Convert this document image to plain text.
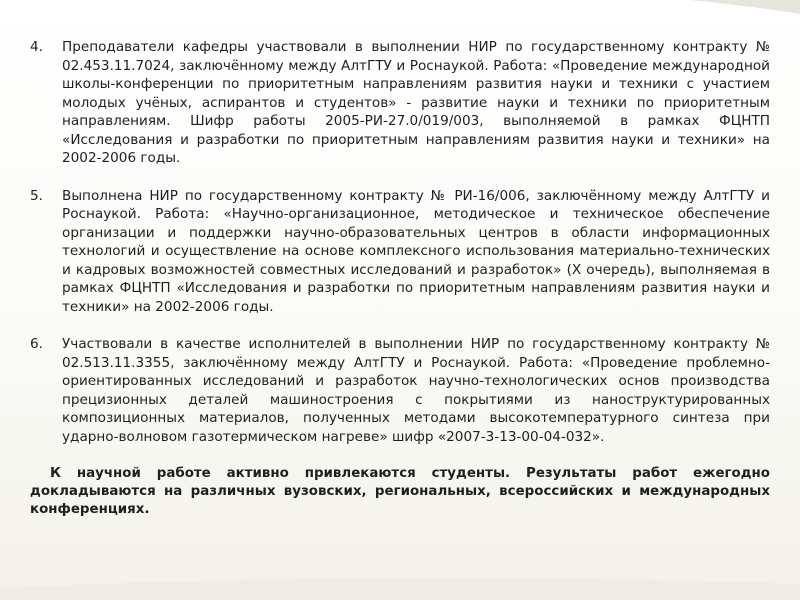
4.	Преподаватели кафедры участвовали в выполнении НИР по государственному контракту № 02.453.11.7024, заключённому между АлтГТУ и Роснаукой. Работа: «Проведение международной школы-конференции по приоритетным направлениям развития науки и техники с участием молодых учёных, аспирантов и студентов» - развитие науки и техники по приоритетным направлениям. Шифр работы 2005-РИ-27.0/019/003, выполняемой в рамках ФЦНТП «Исследования и разработки по приоритетным направлениям развития науки и техники» на 2002-2006 годы.
5.	Выполнена НИР по государственному контракту № РИ-16/006, заключённому между АлтГТУ и Роснаукой. Работа: «Научно-организационное, методическое и техническое обеспечение организации и поддержки научно-образовательных центров в области информационных технологий и осуществление на основе комплексного использования материально-технических и кадровых возможностей совместных исследований и разработок» (Х очередь), выполняемая в рамках ФЦНТП «Исследования и разработки по приоритетным направлениям развития науки и техники» на 2002-2006 годы.
6.	Участвовали в качестве исполнителей в выполнении НИР по государственному контракту № 02.513.11.3355, заключённому между АлтГТУ и Роснаукой. Работа: «Проведение проблемно-ориентированных исследований и разработок научно-технологических основ производства прецизионных деталей машиностроения с покрытиями из наноструктурированных композиционных материалов, полученных методами высокотемпературного синтеза при ударно-волновом газотермическом нагреве» шифр «2007-3-13-00-04-032».

К научной работе активно привлекаются студенты. Результаты работ ежегодно докладываются на различных вузовских, региональных, всероссийских и международных конференциях.
